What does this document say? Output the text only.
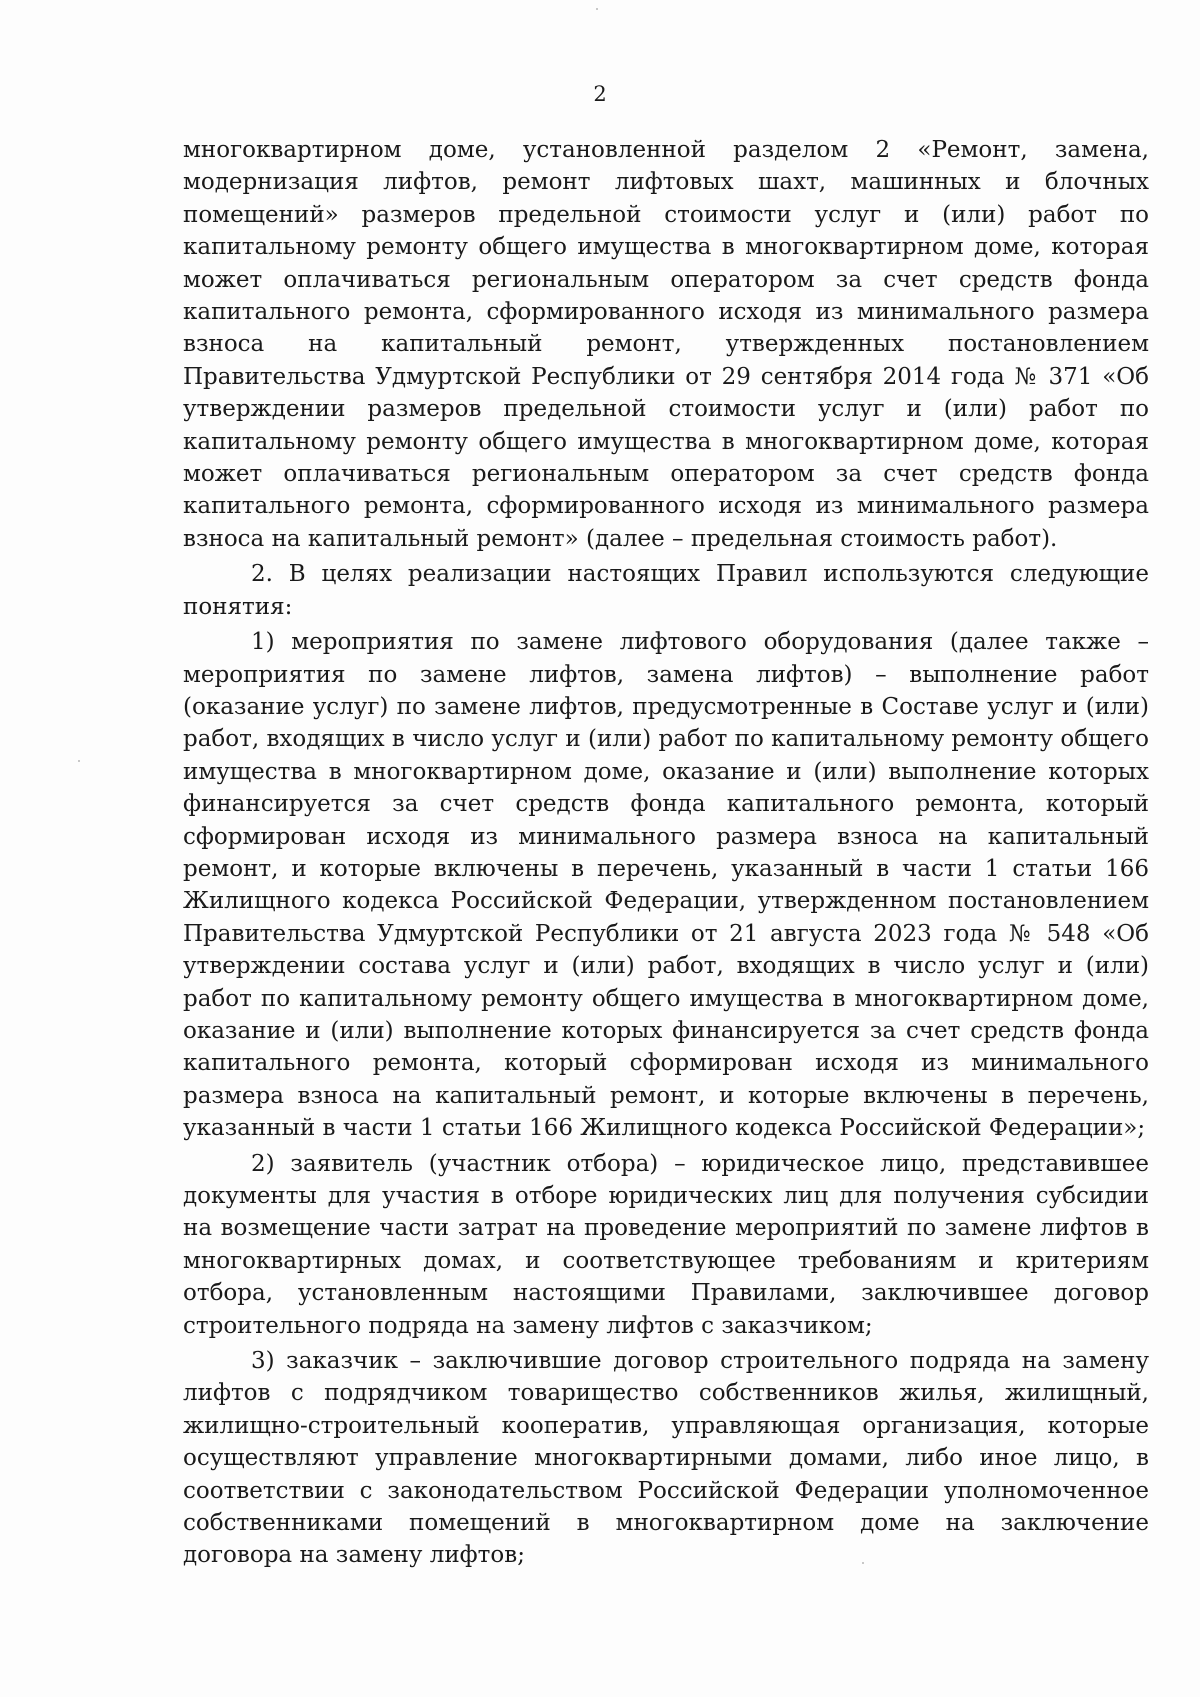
2

многоквартирном доме, установленной разделом 2 «Ремонт, замена, модернизация лифтов, ремонт лифтовых шахт, машинных и блочных помещений» размеров предельной стоимости услуг и (или) работ по капитальному ремонту общего имущества в многоквартирном доме, которая может оплачиваться региональным оператором за счет средств фонда капитального ремонта, сформированного исходя из минимального размера взноса на капитальный ремонт, утвержденных постановлением Правительства Удмуртской Республики от 29 сентября 2014 года № 371 «Об утверждении размеров предельной стоимости услуг и (или) работ по капитальному ремонту общего имущества в многоквартирном доме, которая может оплачиваться региональным оператором за счет средств фонда капитального ремонта, сформированного исходя из минимального размера взноса на капитальный ремонт» (далее – предельная стоимость работ).

2. В целях реализации настоящих Правил используются следующие понятия:

1) мероприятия по замене лифтового оборудования (далее также – мероприятия по замене лифтов, замена лифтов) – выполнение работ (оказание услуг) по замене лифтов, предусмотренные в Составе услуг и (или) работ, входящих в число услуг и (или) работ по капитальному ремонту общего имущества в многоквартирном доме, оказание и (или) выполнение которых финансируется за счет средств фонда капитального ремонта, который сформирован исходя из минимального размера взноса на капитальный ремонт, и которые включены в перечень, указанный в части 1 статьи 166 Жилищного кодекса Российской Федерации, утвержденном постановлением Правительства Удмуртской Республики от 21 августа 2023 года № 548 «Об утверждении состава услуг и (или) работ, входящих в число услуг и (или) работ по капитальному ремонту общего имущества в многоквартирном доме, оказание и (или) выполнение которых финансируется за счет средств фонда капитального ремонта, который сформирован исходя из минимального размера взноса на капитальный ремонт, и которые включены в перечень, указанный в части 1 статьи 166 Жилищного кодекса Российской Федерации»;

2) заявитель (участник отбора) – юридическое лицо, представившее документы для участия в отборе юридических лиц для получения субсидии на возмещение части затрат на проведение мероприятий по замене лифтов в многоквартирных домах, и соответствующее требованиям и критериям отбора, установленным настоящими Правилами, заключившее договор строительного подряда на замену лифтов с заказчиком;

3) заказчик – заключившие договор строительного подряда на замену лифтов с подрядчиком товарищество собственников жилья, жилищный, жилищно-строительный кооператив, управляющая организация, которые осуществляют управление многоквартирными домами, либо иное лицо, в соответствии с законодательством Российской Федерации уполномоченное собственниками помещений в многоквартирном доме на заключение договора на замену лифтов;
